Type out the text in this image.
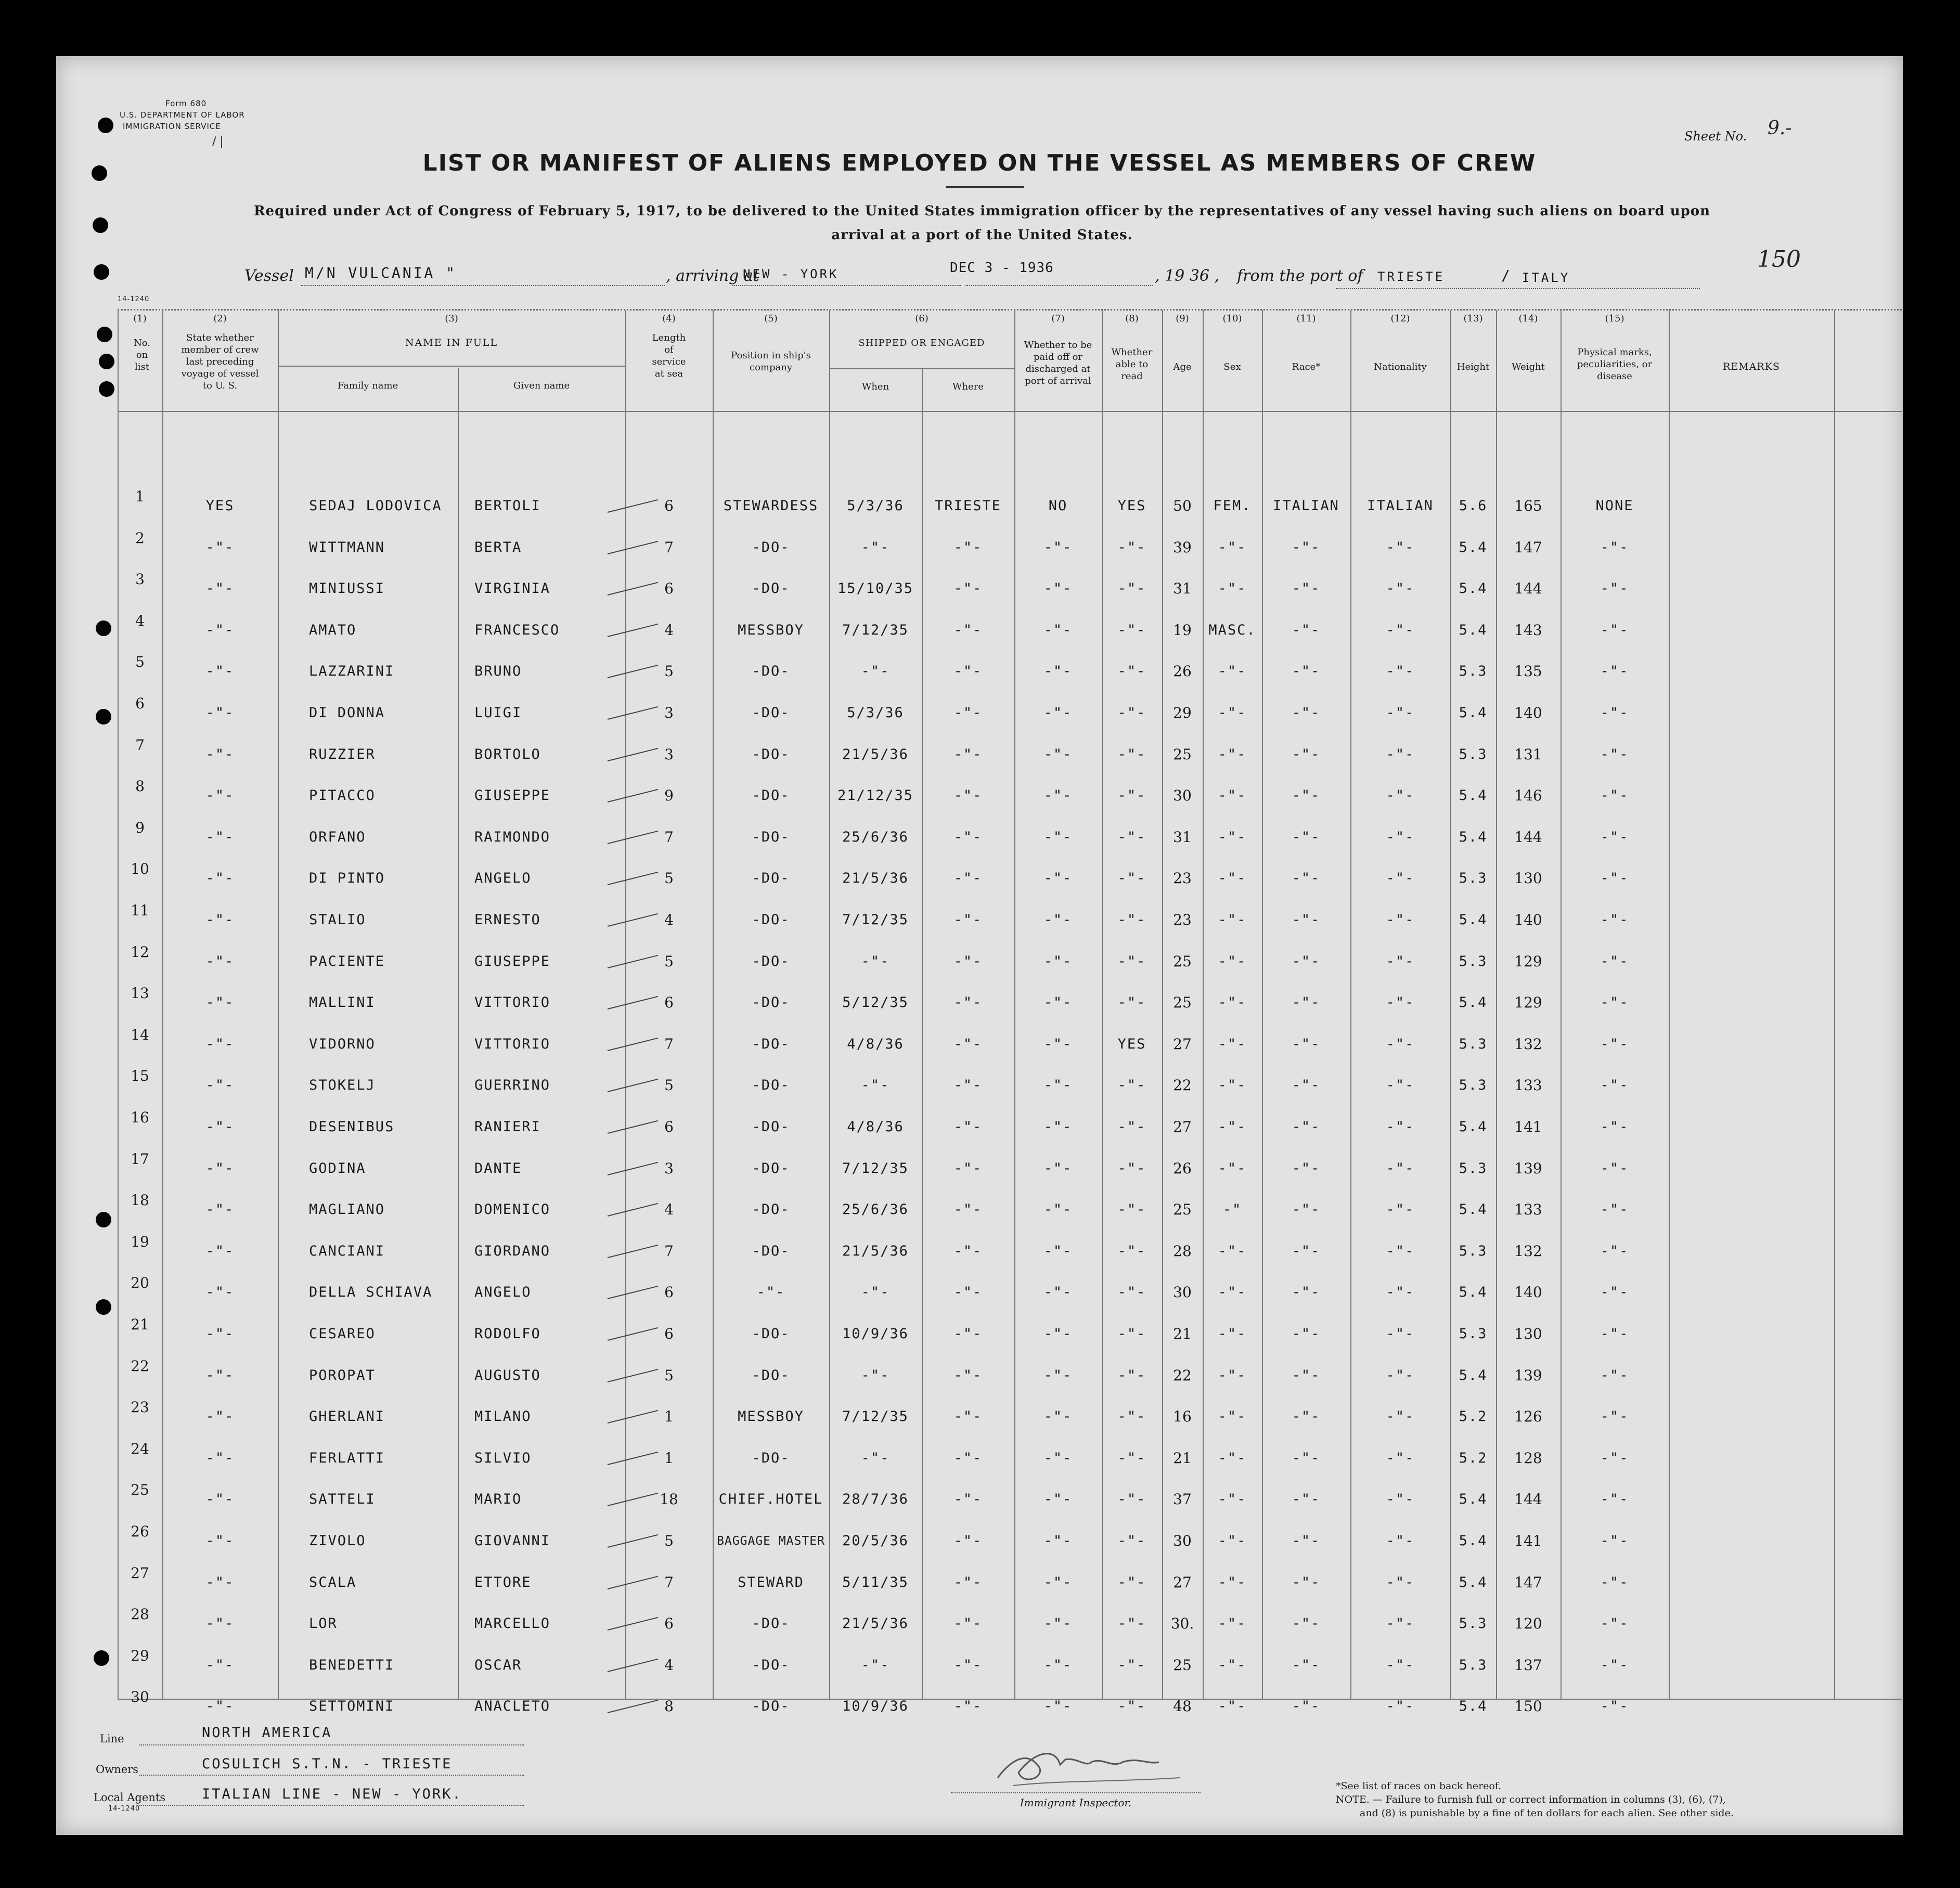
Form 680
U.S. DEPARTMENT OF LABOR
IMMIGRATION SERVICE
/ |	Sheet No. 9.-
LIST OR MANIFEST OF ALIENS EMPLOYED ON THE VESSEL AS MEMBERS OF CREW
Required under Act of Congress of February 5, 1917, to be delivered to the United States immigration officer by the representatives of any vessel having such aliens on board upon
arrival at a port of the United States.
Vessel M/N VULCANIA "	, arriving at
NEW - YORK	DEC 3 - 1936	, 19 36 , from the port of TRIESTE	/ ITALY
150
14-1240
(1)	(2)	(3)	(4)	(5)	(6)	(7)	(8)	(9)	(10)	(11)	(12)	(13)	(14)	(15)
No. on list
State whether member of crew last preceding voyage of vessel to U. S.
NAME IN FULL
Family name	Given name
Length of service at sea
Position in ship's company
SHIPPED OR ENGAGED
When	Where
Whether to be paid off or discharged at port of arrival
Whether able to read
Age	Sex	Race*	Nationality	Height	Weight
Physical marks, peculiarities, or disease
REMARKS
1
YES	SEDAJ LODOVICA	BERTOLI	6	STEWARDESS	5/3/36	TRIESTE	NO	YES	50	FEM.	ITALIAN	ITALIAN	5.6	165	NONE
2
-"-	WITTMANN	BERTA	7	-DO-	-"-	-"-	-"-	-"-	39	-"-	-"-	-"-	5.4	147	-"-
3
-"-	MINIUSSI	VIRGINIA	6	-DO-	15/10/35	-"-	-"-	-"-	31	-"-	-"-	-"-	5.4	144	-"-
4
-"-	AMATO	FRANCESCO	4	MESSBOY	7/12/35	-"-	-"-	-"-	19	MASC.	-"-	-"-	5.4	143	-"-
5
-"-	LAZZARINI	BRUNO	5	-DO-	-"-	-"-	-"-	-"-	26	-"-	-"-	-"-	5.3	135	-"-
6
-"-	DI DONNA	LUIGI	3	-DO-	5/3/36	-"-	-"-	-"-	29	-"-	-"-	-"-	5.4	140	-"-
7
-"-	RUZZIER	BORTOLO	3	-DO-	21/5/36	-"-	-"-	-"-	25	-"-	-"-	-"-	5.3	131	-"-
8
-"-	PITACCO	GIUSEPPE	9	-DO-	21/12/35	-"-	-"-	-"-	30	-"-	-"-	-"-	5.4	146	-"-
9
-"-	ORFANO	RAIMONDO	7	-DO-	25/6/36	-"-	-"-	-"-	31	-"-	-"-	-"-	5.4	144	-"-
10
-"-	DI PINTO	ANGELO	5	-DO-	21/5/36	-"-	-"-	-"-	23	-"-	-"-	-"-	5.3	130	-"-
11
-"-	STALIO	ERNESTO	4	-DO-	7/12/35	-"-	-"-	-"-	23	-"-	-"-	-"-	5.4	140	-"-
12
-"-	PACIENTE	GIUSEPPE	5	-DO-	-"-	-"-	-"-	-"-	25	-"-	-"-	-"-	5.3	129	-"-
13
-"-	MALLINI	VITTORIO	6	-DO-	5/12/35	-"-	-"-	-"-	25	-"-	-"-	-"-	5.4	129	-"-
14
-"-	VIDORNO	VITTORIO	7	-DO-	4/8/36	-"-	-"-	YES	27	-"-	-"-	-"-	5.3	132	-"-
15
-"-	STOKELJ	GUERRINO	5	-DO-	-"-	-"-	-"-	-"-	22	-"-	-"-	-"-	5.3	133	-"-
16
-"-	DESENIBUS	RANIERI	6	-DO-	4/8/36	-"-	-"-	-"-	27	-"-	-"-	-"-	5.4	141	-"-
17
-"-	GODINA	DANTE	3	-DO-	7/12/35	-"-	-"-	-"-	26	-"-	-"-	-"-	5.3	139	-"-
18
-"-	MAGLIANO	DOMENICO	4	-DO-	25/6/36	-"-	-"-	-"-	25	-"	-"-	-"-	5.4	133	-"-
19
-"-	CANCIANI	GIORDANO	7	-DO-	21/5/36	-"-	-"-	-"-	28	-"-	-"-	-"-	5.3	132	-"-
20
-"-	DELLA SCHIAVA	ANGELO	6	-"-	-"-	-"-	-"-	-"-	30	-"-	-"-	-"-	5.4	140	-"-
21
-"-	CESAREO	RODOLFO	6	-DO-	10/9/36	-"-	-"-	-"-	21	-"-	-"-	-"-	5.3	130	-"-
22
-"-	POROPAT	AUGUSTO	5	-DO-	-"-	-"-	-"-	-"-	22	-"-	-"-	-"-	5.4	139	-"-
23
-"-	GHERLANI	MILANO	1	MESSBOY	7/12/35	-"-	-"-	-"-	16	-"-	-"-	-"-	5.2	126	-"-
24
-"-	FERLATTI	SILVIO	1	-DO-	-"-	-"-	-"-	-"-	21	-"-	-"-	-"-	5.2	128	-"-
25
-"-	SATTELI	MARIO	18	CHIEF.HOTEL	28/7/36	-"-	-"-	-"-	37	-"-	-"-	-"-	5.4	144	-"-
26
-"-	ZIVOLO	GIOVANNI	5	BAGGAGE MASTER	20/5/36	-"-	-"-	-"-	30	-"-	-"-	-"-	5.4	141	-"-
27
-"-	SCALA	ETTORE	7	STEWARD	5/11/35	-"-	-"-	-"-	27	-"-	-"-	-"-	5.4	147	-"-
28
-"-	LOR	MARCELLO	6	-DO-	21/5/36	-"-	-"-	-"-	30.	-"-	-"-	-"-	5.3	120	-"-
29
-"-	BENEDETTI	OSCAR	4	-DO-	-"-	-"-	-"-	-"-	25	-"-	-"-	-"-	5.3	137	-"-
30
-"-	SETTOMINI	ANACLETO	8	-DO-	10/9/36	-"-	-"-	-"-	48	-"-	-"-	-"-	5.4	150	-"-
Line	NORTH AMERICA
Owners	COSULICH S.T.N. - TRIESTE
Local Agents	ITALIAN LINE - NEW - YORK.
14-1240	Immigrant Inspector.
*See list of races on back hereof.
NOTE. — Failure to furnish full or correct information in columns (3), (6), (7),
and (8) is punishable by a fine of ten dollars for each alien. See other side.
